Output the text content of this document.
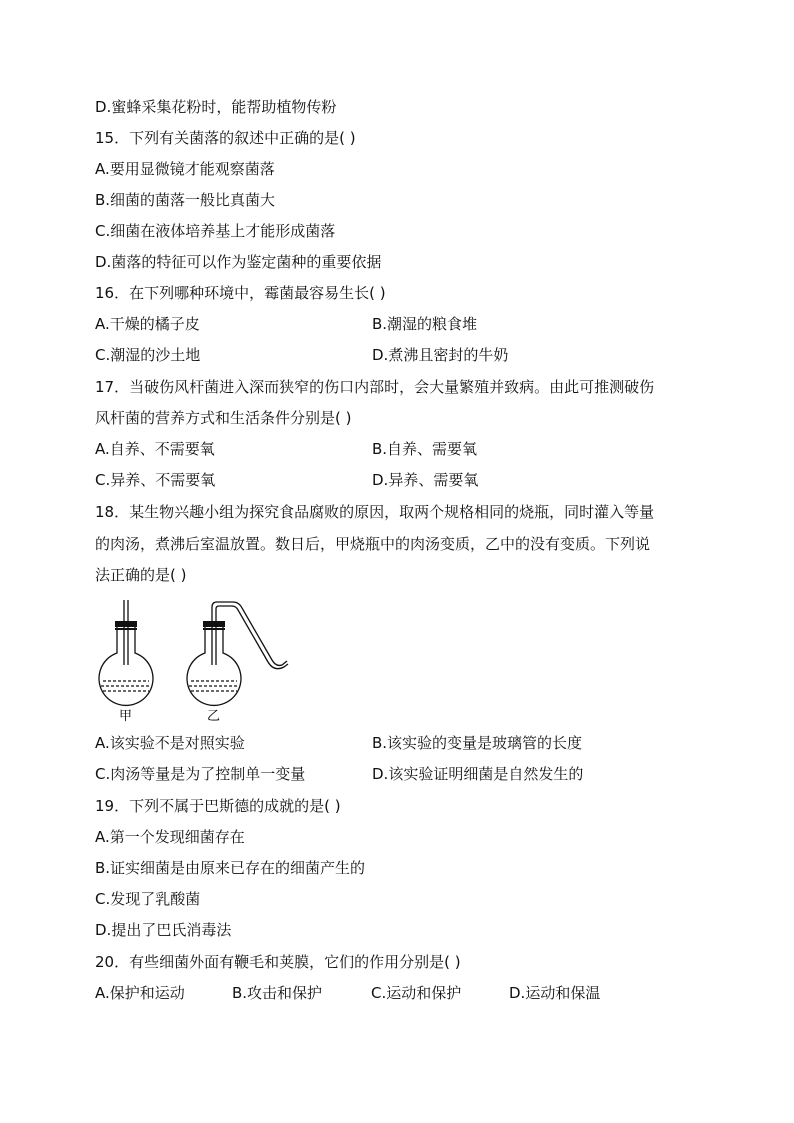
D.蜜蜂采集花粉时，能帮助植物传粉
15．下列有关菌落的叙述中正确的是( )
A.要用显微镜才能观察菌落
B.细菌的菌落一般比真菌大
C.细菌在液体培养基上才能形成菌落
D.菌落的特征可以作为鉴定菌种的重要依据
16．在下列哪种环境中，霉菌最容易生长( )
A.干燥的橘子皮	B.潮湿的粮食堆
C.潮湿的沙土地	D.煮沸且密封的牛奶
17．当破伤风杆菌进入深而狭窄的伤口内部时，会大量繁殖并致病。由此可推测破伤
风杆菌的营养方式和生活条件分别是( )
A.自养、不需要氧	B.自养、需要氧
C.异养、不需要氧	D.异养、需要氧
18．某生物兴趣小组为探究食品腐败的原因，取两个规格相同的烧瓶，同时灌入等量
的肉汤，煮沸后室温放置。数日后，甲烧瓶中的肉汤变质，乙中的没有变质。下列说
法正确的是( )
甲	乙
A.该实验不是对照实验	B.该实验的变量是玻璃管的长度
C.肉汤等量是为了控制单一变量	D.该实验证明细菌是自然发生的
19．下列不属于巴斯德的成就的是( )
A.第一个发现细菌存在
B.证实细菌是由原来已存在的细菌产生的
C.发现了乳酸菌
D.提出了巴氏消毒法
20．有些细菌外面有鞭毛和荚膜，它们的作用分别是( )
A.保护和运动	B.攻击和保护	C.运动和保护	D.运动和保温
